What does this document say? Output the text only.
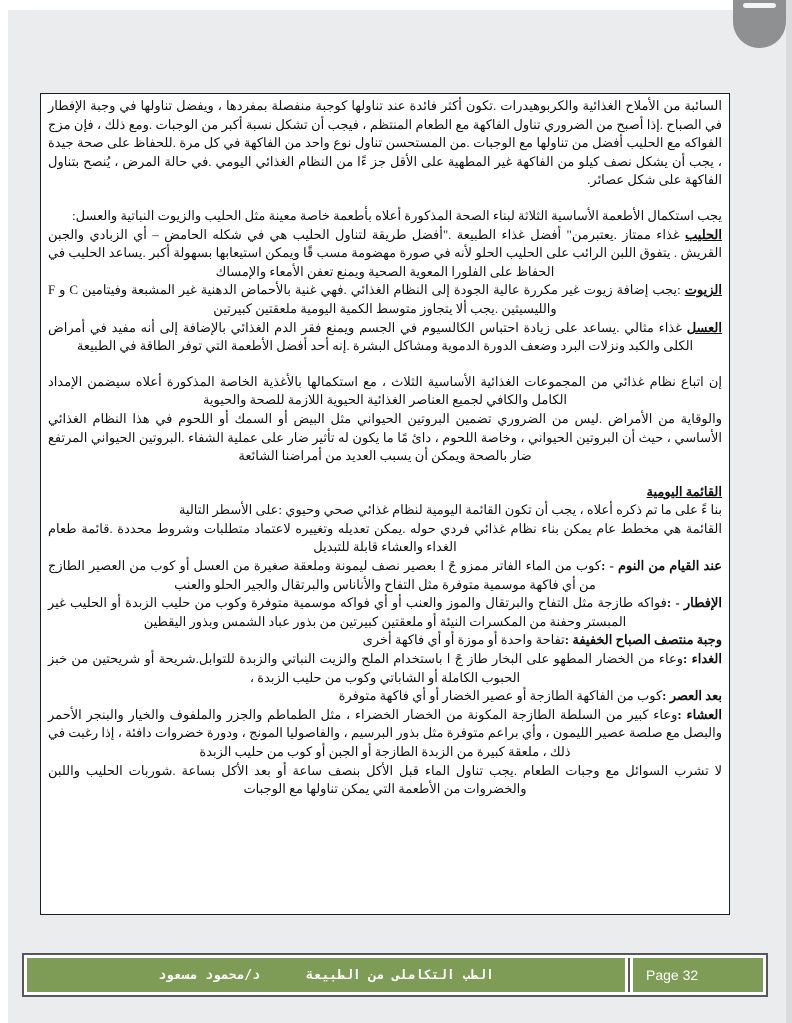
السائبة من الأملاح الغذائية والكربوهيدرات .تكون أكثر فائدة عند تناولها كوجبة منفصلة بمفردها ، ويفضل تناولها في وجبة الإفطار في الصباح .إذا أصبح من الضروري تناول الفاكهة مع الطعام المنتظم ، فيجب أن تشكل نسبة أكبر من الوجبات .ومع ذلك ، فإن مزج الفواكه مع الحليب أفضل من تناولها مع الوجبات .من المستحسن تناول نوع واحد من الفاكهة في كل مرة .للحفاظ على صحة جيدة ، يجب أن يشكل نصف كيلو من الفاكهة غير المطهية على الأقل جز ءًا من النظام الغذائي اليومي .في حالة المرض ، يُنصح بتناول الفاكهة على شكل عصائر.

يجب استكمال الأطعمة الأساسية الثلاثة لبناء الصحة المذكورة أعلاه بأطعمة خاصة معينة مثل الحليب والزيوت النباتية والعسل:

الحليب غذاء ممتاز .يعتبرمن" أفضل غذاء الطبيعة ."أفضل طريقة لتناول الحليب هي في شكله الحامض – أي الزبادي والجبن القريش . يتفوق اللبن الرائب على الحليب الحلو لأنه في صورة مهضومة مسب قًا ويمكن استيعابها بسهولة أكبر .يساعد الحليب في الحفاظ على الفلورا المعوية الصحية ويمنع تعفن الأمعاء والإمساك

الزيوت :يجب إضافة زيوت غير مكررة عالية الجودة إلى النظام الغذائي .فهي غنية بالأحماض الدهنية غير المشبعة وفيتامين C و F والليسيثين .يجب ألا يتجاوز متوسط الكمية اليومية ملعقتين كبيرتين

العسل غذاء مثالي .يساعد على زيادة احتباس الكالسيوم في الجسم ويمنع فقر الدم الغذائي بالإضافة إلى أنه مفيد في أمراض الكلى والكبد ونزلات البرد وضعف الدورة الدموية ومشاكل البشرة .إنه أحد أفضل الأطعمة التي توفر الطاقة في الطبيعة

إن اتباع نظام غذائي من المجموعات الغذائية الأساسية الثلاث ، مع استكمالها بالأغذية الخاصة المذكورة أعلاه سيضمن الإمداد الكامل والكافي لجميع العناصر الغذائية الحيوية اللازمة للصحة والحيوية

والوقاية من الأمراض .ليس من الضروري تضمين البروتين الحيواني مثل البيض أو السمك أو اللحوم في هذا النظام الغذائي الأساسي ، حيث أن البروتين الحيواني ، وخاصة اللحوم ، دائ مًا ما يكون له تأثير ضار على عملية الشفاء .البروتين الحيواني المرتفع ضار بالصحة ويمكن أن يسبب العديد من أمراضنا الشائعة

القائمة اليومية

بنا ءً على ما تم ذكره أعلاه ، يجب أن تكون القائمة اليومية لنظام غذائي صحي وحيوي :على الأسطر التالية

القائمة هي مخطط عام يمكن بناء نظام غذائي فردي حوله .يمكن تعديله وتغييره لاعتماد متطلبات وشروط محددة .قائمة طعام الغداء والعشاء قابلة للتبديل

عند القيام من النوم - :كوب من الماء الفاتر ممزو جً ا بعصير نصف ليمونة وملعقة صغيرة من العسل أو كوب من العصير الطازج من أي فاكهة موسمية متوفرة مثل التفاح والأناناس والبرتقال والجير الحلو والعنب

الإفطار - :فواكه طازجة مثل التفاح والبرتقال والموز والعنب أو أي فواكه موسمية متوفرة وكوب من حليب الزبدة أو الحليب غير المبستر وحفنة من المكسرات النيئة أو ملعقتين كبيرتين من بذور عباد الشمس وبذور اليقطين

وجبة منتصف الصباح الخفيفة :تفاحة واحدة أو موزة أو أي فاكهة أخرى

الغداء :وعاء من الخضار المطهو على البخار طاز جً ا باستخدام الملح والزيت النباتي والزبدة للتوابل.شريحة أو شريحتين من خبز الحبوب الكاملة أو الشاباتي وكوب من حليب الزبدة ،

بعد العصر :كوب من الفاكهة الطازجة أو عصير الخضار أو أي فاكهة متوفرة

العشاء :وعاء كبير من السلطة الطازجة المكونة من الخضار الخضراء ، مثل الطماطم والجزر والملفوف والخيار والبنجر الأحمر والبصل مع صلصة عصير الليمون ، وأي براعم متوفرة مثل بذور البرسيم ، والفاصوليا المونج ، ودورة خضروات دافئة ، إذا رغبت في ذلك ، ملعقة كبيرة من الزبدة الطازجة أو الجبن أو كوب من حليب الزبدة

لا تشرب السوائل مع وجبات الطعام .يجب تناول الماء قبل الأكل بنصف ساعة أو بعد الأكل بساعة .شوربات الحليب واللبن والخضروات من الأطعمة التي يمكن تناولها مع الوجبات

الطب التكاملى من الطبيعة
د/محمود مسعود	Page 32
